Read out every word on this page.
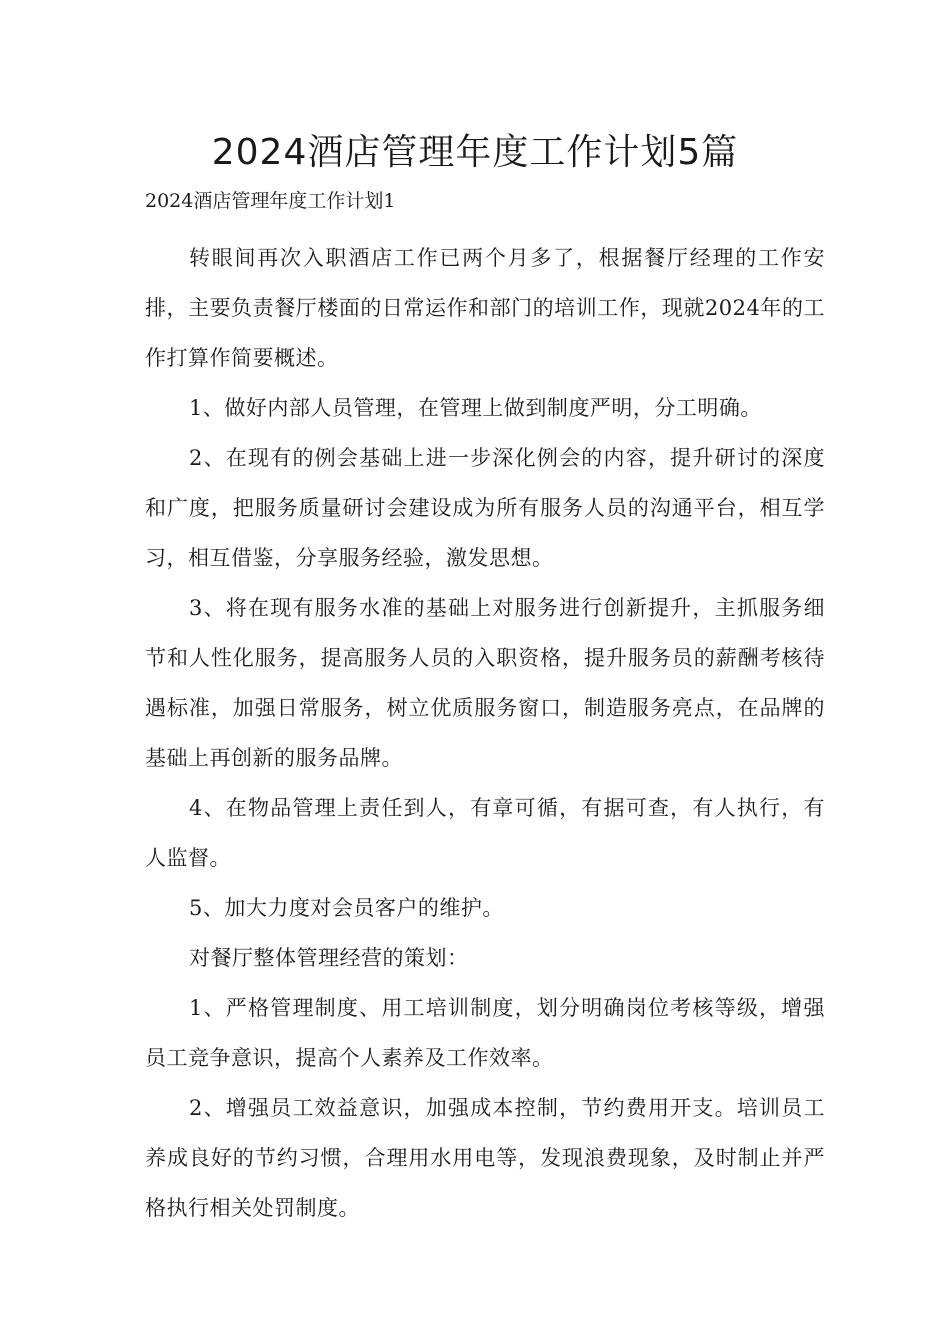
2024酒店管理年度工作计划5篇

2024酒店管理年度工作计划1

转眼间再次入职酒店工作已两个月多了，根据餐厅经理的工作安排，主要负责餐厅楼面的日常运作和部门的培训工作，现就2024年的工作打算作简要概述。

1、做好内部人员管理，在管理上做到制度严明，分工明确。

2、在现有的例会基础上进一步深化例会的内容，提升研讨的深度和广度，把服务质量研讨会建设成为所有服务人员的沟通平台，相互学习，相互借鉴，分享服务经验，激发思想。

3、将在现有服务水准的基础上对服务进行创新提升，主抓服务细节和人性化服务，提高服务人员的入职资格，提升服务员的薪酬考核待遇标准，加强日常服务，树立优质服务窗口，制造服务亮点，在品牌的基础上再创新的服务品牌。

4、在物品管理上责任到人，有章可循，有据可查，有人执行，有人监督。

5、加大力度对会员客户的维护。

对餐厅整体管理经营的策划：

1、严格管理制度、用工培训制度，划分明确岗位考核等级，增强员工竞争意识，提高个人素养及工作效率。

2、增强员工效益意识，加强成本控制，节约费用开支。培训员工养成良好的节约习惯，合理用水用电等，发现浪费现象，及时制止并严格执行相关处罚制度。
